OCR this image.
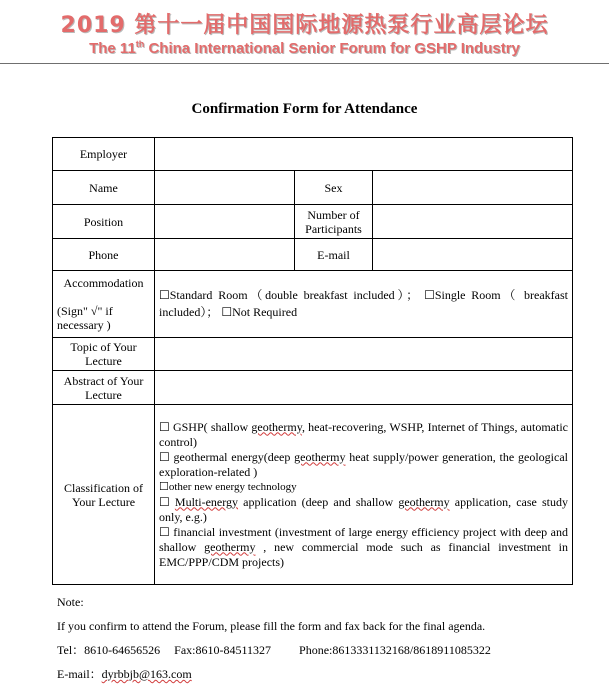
2019 第十一届中国国际地源热泵行业高层论坛
The 11th China International Senior Forum for GSHP Industry
Confirmation Form for Attendance
Employer			
Name		Sex	
Position		Number of Participants	
Phone		E-mail	

Accommodation
(Sign" √" if necessary )	☐Standard Room（double breakfast included）； ☐Single Room（ breakfast included）； ☐Not Required		
Topic of Your Lecture			
Abstract of Your Lecture			
Classification of Your Lecture	☐ GSHP( shallow geothermy, heat-recovering, WSHP, Internet of Things, automatic control)
☐ geothermal energy(deep geothermy heat supply/power generation, the geological exploration-related )
☐other new energy technology
☐ Multi-energy application (deep and shallow geothermy application, case study only, e.g.)
☐ financial investment (investment of large energy efficiency project with deep and shallow geothermy , new commercial mode such as financial investment in EMC/PPP/CDM projects)		
Note:
If you confirm to attend the Forum, please fill the form and fax back for the final agenda.
Tel：8610-64656526 Fax:8610-84511327 Phone:8613331132168/8618911085322
E-mail：dyrbbjb@163.com
